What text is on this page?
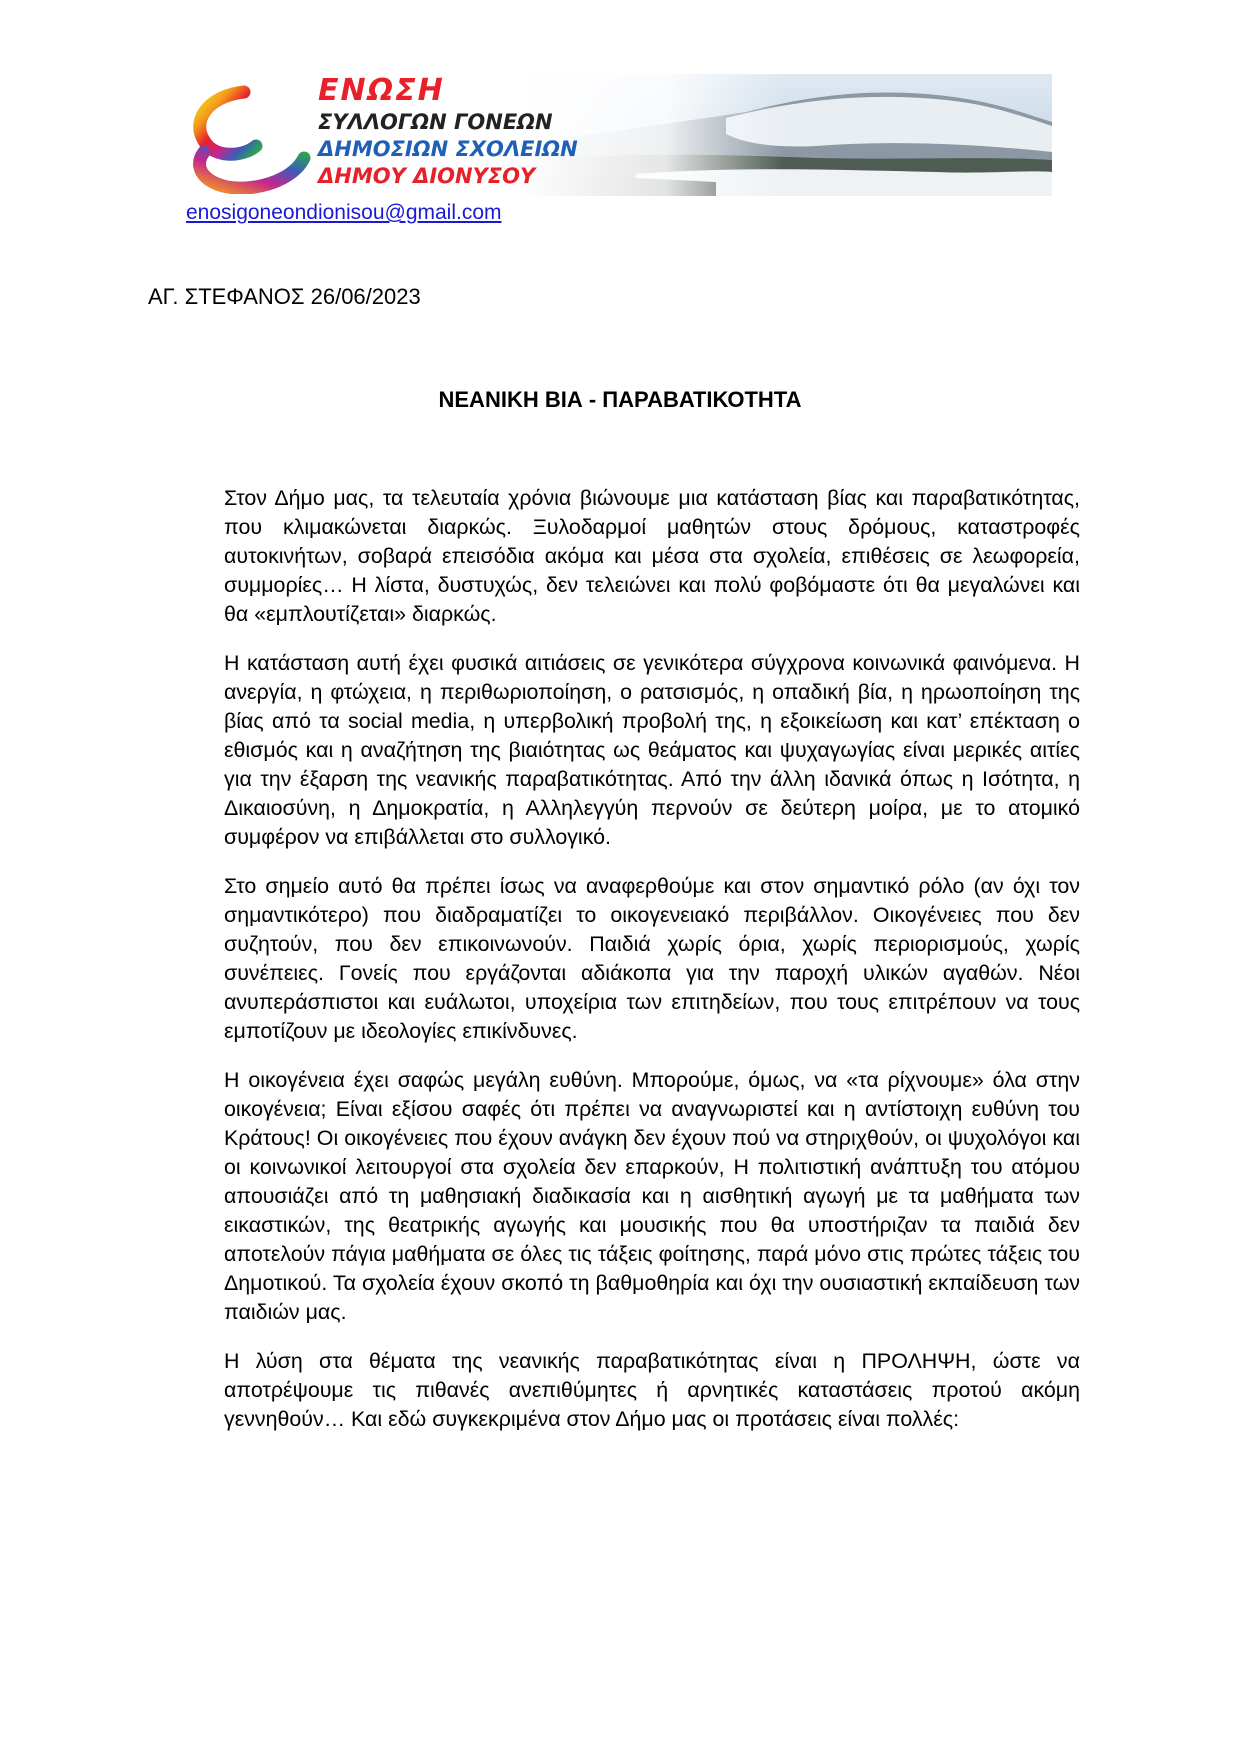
ΕΝΩΣΗ
ΣΥΛΛΟΓΩΝ ΓΟΝΕΩΝ
ΔΗΜΟΣΙΩΝ ΣΧΟΛΕΙΩΝ
ΔΗΜΟΥ ΔΙΟΝΥΣΟΥ
enosigoneondionisou@gmail.com
ΑΓ. ΣΤΕΦΑΝΟΣ 26/06/2023
ΝΕΑΝΙΚΗ ΒΙΑ - ΠΑΡΑΒΑΤΙΚΟΤΗΤΑ

Στον Δήμο μας, τα τελευταία χρόνια βιώνουμε μια κατάσταση βίας και παραβατικότητας, που κλιμακώνεται διαρκώς. Ξυλοδαρμοί μαθητών στους δρόμους, καταστροφές αυτοκινήτων, σοβαρά επεισόδια ακόμα και μέσα στα σχολεία, επιθέσεις σε λεωφορεία, συμμορίες… Η λίστα, δυστυχώς, δεν τελειώνει και πολύ φοβόμαστε ότι θα μεγαλώνει και θα «εμπλουτίζεται» διαρκώς.

Η κατάσταση αυτή έχει φυσικά αιτιάσεις σε γενικότερα σύγχρονα κοινωνικά φαινόμενα. Η ανεργία, η φτώχεια, η περιθωριοποίηση, ο ρατσισμός, η οπαδική βία, η ηρωοποίηση της βίας από τα social media, η υπερβολική προβολή της, η εξοικείωση και κατ’ επέκταση ο εθισμός και η αναζήτηση της βιαιότητας ως θεάματος και ψυχαγωγίας είναι μερικές αιτίες για την έξαρση της νεανικής παραβατικότητας. Από την άλλη ιδανικά όπως η Ισότητα, η Δικαιοσύνη, η Δημοκρατία, η Αλληλεγγύη περνούν σε δεύτερη μοίρα, με το ατομικό συμφέρον να επιβάλλεται στο συλλογικό.

Στο σημείο αυτό θα πρέπει ίσως να αναφερθούμε και στον σημαντικό ρόλο (αν όχι τον σημαντικότερο) που διαδραματίζει το οικογενειακό περιβάλλον. Οικογένειες που δεν συζητούν, που δεν επικοινωνούν. Παιδιά χωρίς όρια, χωρίς περιορισμούς, χωρίς συνέπειες. Γονείς που εργάζονται αδιάκοπα για την παροχή υλικών αγαθών. Νέοι ανυπεράσπιστοι και ευάλωτοι, υποχείρια των επιτηδείων, που τους επιτρέπουν να τους εμποτίζουν με ιδεολογίες επικίνδυνες.

Η οικογένεια έχει σαφώς μεγάλη ευθύνη. Μπορούμε, όμως, να «τα ρίχνουμε» όλα στην οικογένεια; Είναι εξίσου σαφές ότι πρέπει να αναγνωριστεί και η αντίστοιχη ευθύνη του Κράτους! Οι οικογένειες που έχουν ανάγκη δεν έχουν πού να στηριχθούν, οι ψυχολόγοι και οι κοινωνικοί λειτουργοί στα σχολεία δεν επαρκούν, Η πολιτιστική ανάπτυξη του ατόμου απουσιάζει από τη μαθησιακή διαδικασία και η αισθητική αγωγή με τα μαθήματα των εικαστικών, της θεατρικής αγωγής και μουσικής που θα υποστήριζαν τα παιδιά δεν αποτελούν πάγια μαθήματα σε όλες τις τάξεις φοίτησης, παρά μόνο στις πρώτες τάξεις του Δημοτικού. Τα σχολεία έχουν σκοπό τη βαθμοθηρία και όχι την ουσιαστική εκπαίδευση των παιδιών μας.

Η λύση στα θέματα της νεανικής παραβατικότητας είναι η ΠΡΟΛΗΨΗ, ώστε να αποτρέψουμε τις πιθανές ανεπιθύμητες ή αρνητικές καταστάσεις προτού ακόμη γεννηθούν… Και εδώ συγκεκριμένα στον Δήμο μας οι προτάσεις είναι πολλές:
